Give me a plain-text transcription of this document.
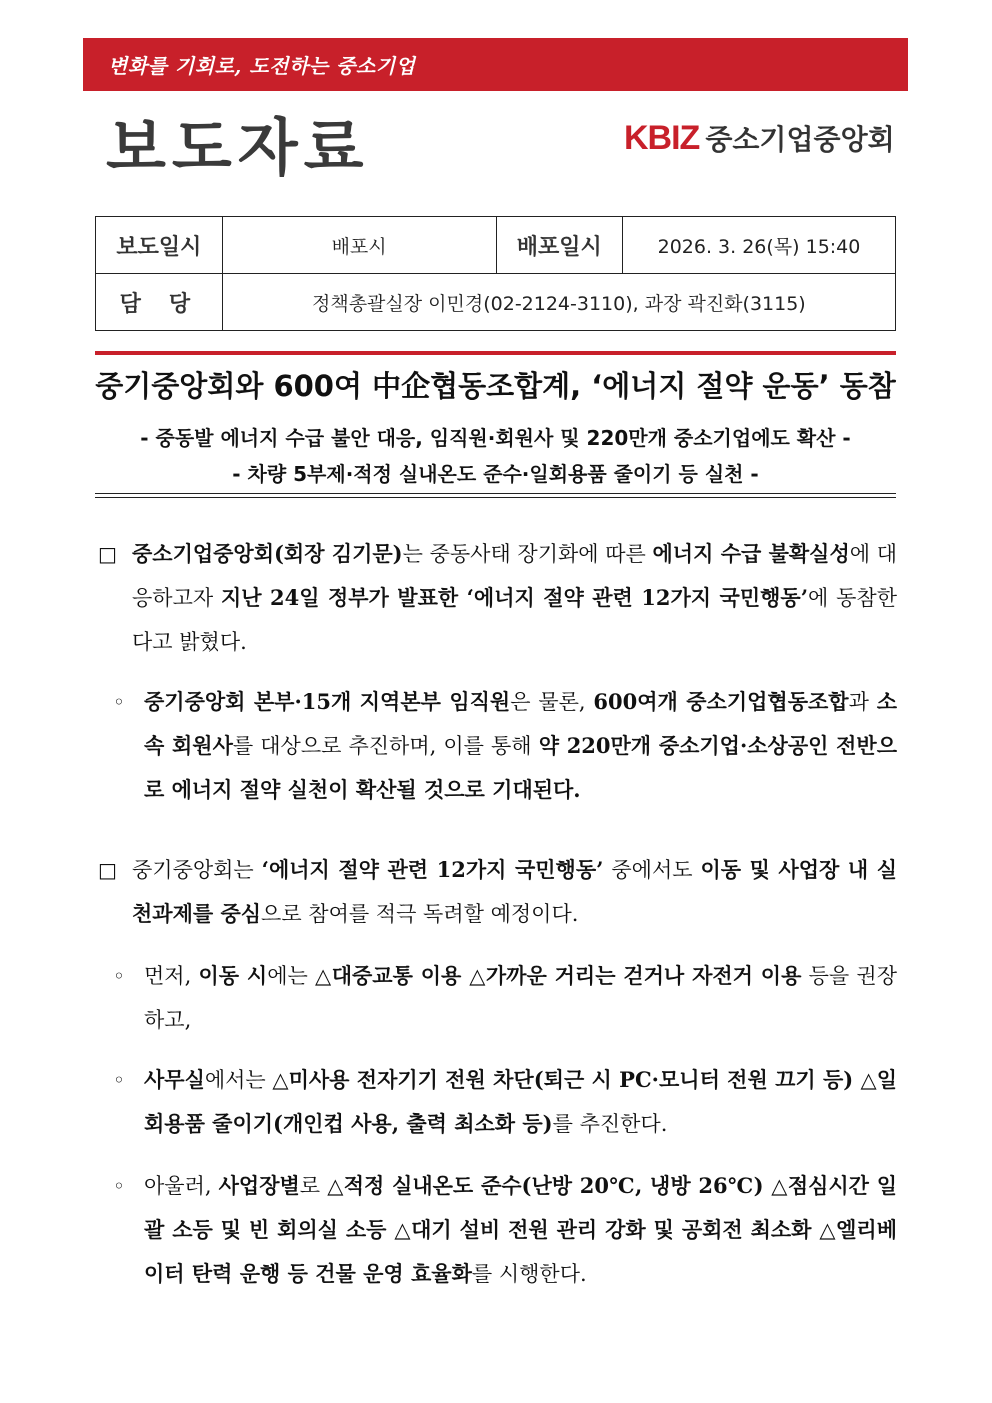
변화를 기회로, 도전하는 중소기업
보도자료	KBIZ 중소기업중앙회
보도일시	배포시	배포일시	2026. 3. 26(목) 15:40
담당	정책총괄실장 이민경(02-2124-3110), 과장 곽진화(3115)		
중기중앙회와 600여 中企협동조합계, ‘에너지 절약 운동’ 동참
- 중동발 에너지 수급 불안 대응, 임직원·회원사 및 220만개 중소기업에도 확산 -
- 차량 5부제·적정 실내온도 준수·일회용품 줄이기 등 실천 -
□ 중소기업중앙회(회장 김기문)는 중동사태 장기화에 따른 에너지 수급 불확실성에 대응하고자 지난 24일 정부가 발표한 ‘에너지 절약 관련 12가지 국민행동’에 동참한다고 밝혔다.
◦ 중기중앙회 본부·15개 지역본부 임직원은 물론, 600여개 중소기업협동조합과 소속 회원사를 대상으로 추진하며, 이를 통해 약 220만개 중소기업·소상공인 전반으로 에너지 절약 실천이 확산될 것으로 기대된다.
□ 중기중앙회는 ‘에너지 절약 관련 12가지 국민행동’ 중에서도 이동 및 사업장 내 실천과제를 중심으로 참여를 적극 독려할 예정이다.
◦ 먼저, 이동 시에는 △대중교통 이용 △가까운 거리는 걷거나 자전거 이용 등을 권장하고,
◦ 사무실에서는 △미사용 전자기기 전원 차단(퇴근 시 PC·모니터 전원 끄기 등) △일회용품 줄이기(개인컵 사용, 출력 최소화 등)를 추진한다.
◦ 아울러, 사업장별로 △적정 실내온도 준수(난방 20℃, 냉방 26℃) △점심시간 일괄 소등 및 빈 회의실 소등 △대기 설비 전원 관리 강화 및 공회전 최소화 △엘리베이터 탄력 운행 등 건물 운영 효율화를 시행한다.
